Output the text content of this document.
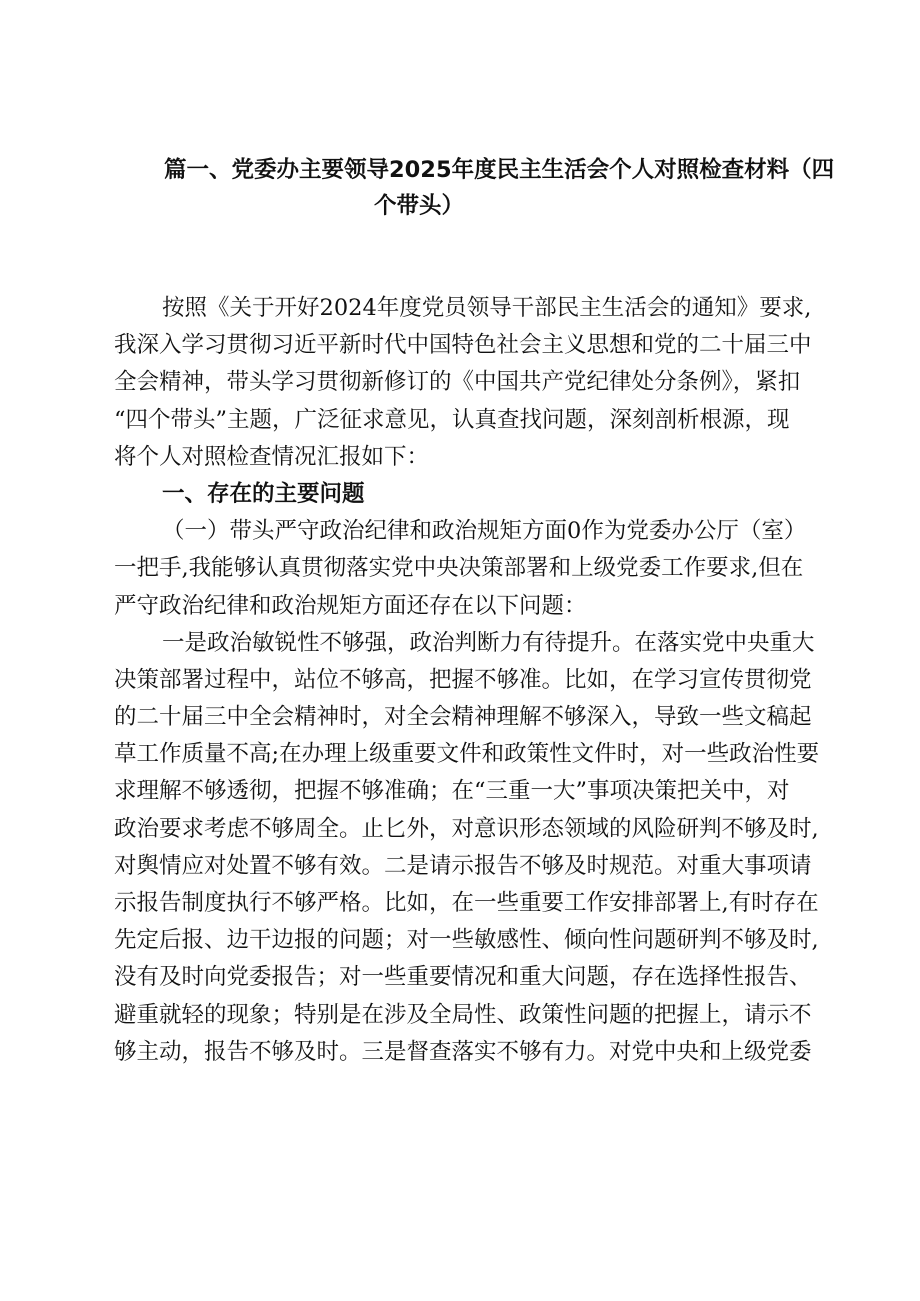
篇一、党委办主要领导2025年度民主生活会个人对照检查材料（四
个带头）
按照《关于开好2024年度党员领导干部民主生活会的通知》要求,
我深入学习贯彻习近平新时代中国特色社会主义思想和党的二十届三中
全会精神，带头学习贯彻新修订的《中国共产党纪律处分条例》，紧扣
“四个带头”主题，广泛征求意见，认真查找问题，深刻剖析根源，现
将个人对照检查情况汇报如下：
一、存在的主要问题
（一）带头严守政治纪律和政治规矩方面0作为党委办公厅（室）
一把手,我能够认真贯彻落实党中央决策部署和上级党委工作要求,但在
严守政治纪律和政治规矩方面还存在以下问题：
一是政治敏锐性不够强，政治判断力有待提升。在落实党中央重大
决策部署过程中，站位不够高，把握不够准。比如，在学习宣传贯彻党
的二十届三中全会精神时，对全会精神理解不够深入，导致一些文稿起
草工作质量不高;在办理上级重要文件和政策性文件时，对一些政治性要
求理解不够透彻，把握不够准确；在“三重一大”事项决策把关中，对
政治要求考虑不够周全。止匕外，对意识形态领域的风险研判不够及时,
对舆情应对处置不够有效。二是请示报告不够及时规范。对重大事项请
示报告制度执行不够严格。比如，在一些重要工作安排部署上,有时存在
先定后报、边干边报的问题；对一些敏感性、倾向性问题研判不够及时,
没有及时向党委报告；对一些重要情况和重大问题，存在选择性报告、
避重就轻的现象；特别是在涉及全局性、政策性问题的把握上，请示不
够主动，报告不够及时。三是督查落实不够有力。对党中央和上级党委
